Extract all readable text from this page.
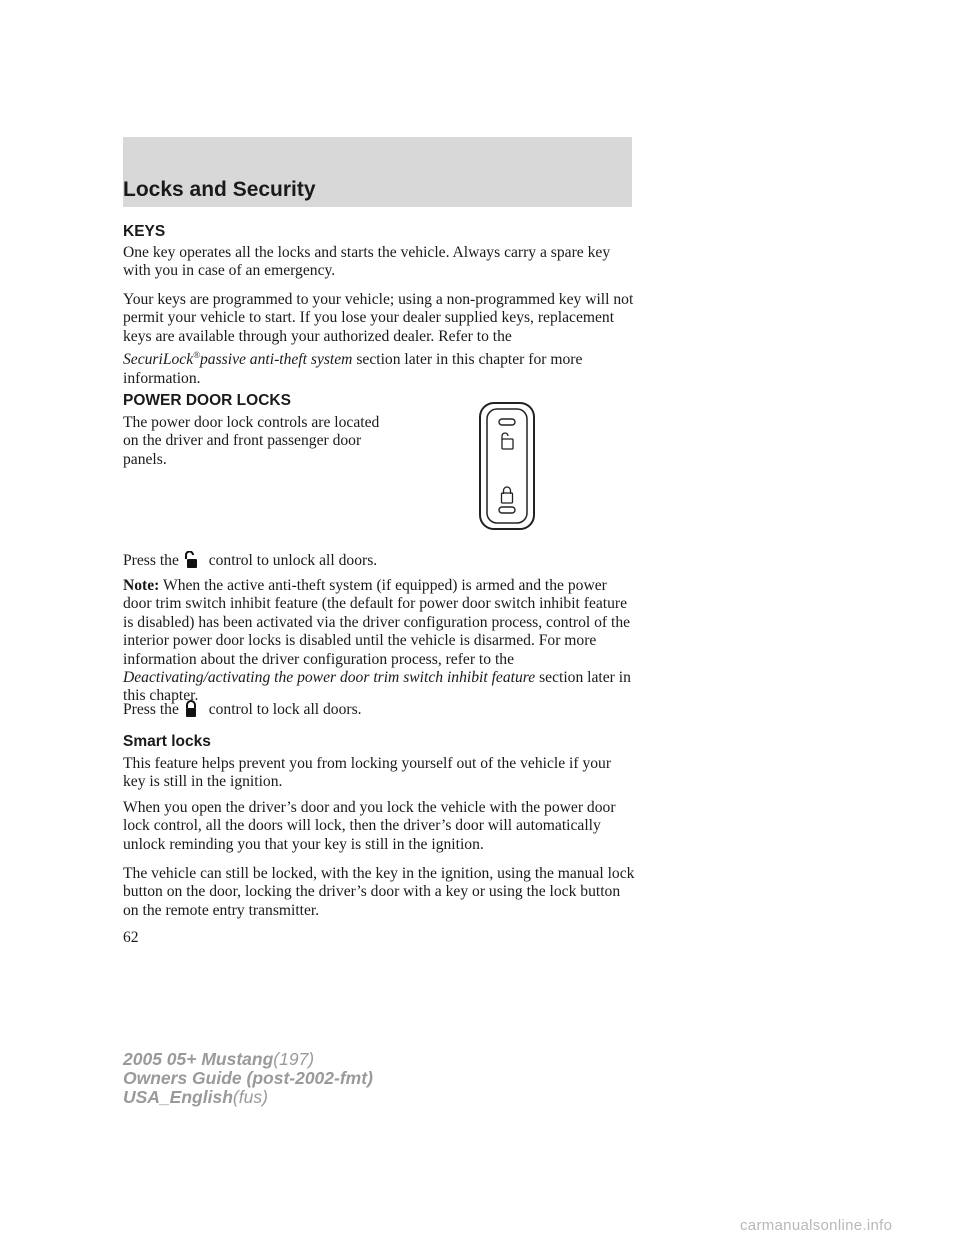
Locks and Security
KEYS

One key operates all the locks and starts the vehicle. Always carry a spare key with you in case of an emergency.

Your keys are programmed to your vehicle; using a non-programmed key will not permit your vehicle to start. If you lose your dealer supplied keys, replacement keys are available through your authorized dealer. Refer to the SecuriLock®passive anti-theft system section later in this chapter for more information.

POWER DOOR LOCKS

The power door lock controls are located on the driver and front passenger door panels.

Press the control to unlock all doors.

Note: When the active anti-theft system (if equipped) is armed and the power door trim switch inhibit feature (the default for power door switch inhibit feature is disabled) has been activated via the driver configuration process, control of the interior power door locks is disabled until the vehicle is disarmed. For more information about the driver configuration process, refer to the Deactivating/activating the power door trim switch inhibit feature section later in this chapter.

Press the control to lock all doors.

Smart locks

This feature helps prevent you from locking yourself out of the vehicle if your key is still in the ignition.

When you open the driver’s door and you lock the vehicle with the power door lock control, all the doors will lock, then the driver’s door will automatically unlock reminding you that your key is still in the ignition.

The vehicle can still be locked, with the key in the ignition, using the manual lock button on the door, locking the driver’s door with a key or using the lock button on the remote entry transmitter.

62

2005 05+ Mustang(197)
Owners Guide (post-2002-fmt)
USA_English(fus)

carmanualsonline.info
